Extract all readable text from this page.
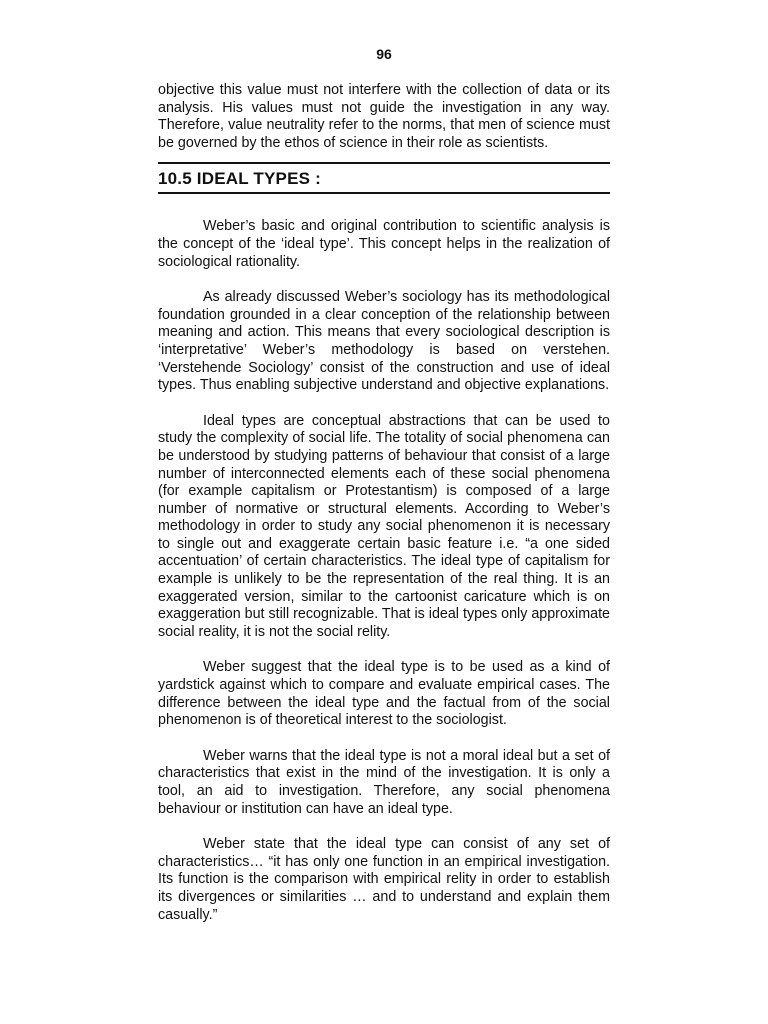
96

objective this value must not interfere with the collection of data or its analysis. His values must not guide the investigation in any way. Therefore, value neutrality refer to the norms, that men of science must be governed by the ethos of science in their role as scientists.

10.5 IDEAL TYPES :

Weber’s basic and original contribution to scientific analysis is the concept of the ‘ideal type’. This concept helps in the realization of sociological rationality.

As already discussed Weber’s sociology has its methodological foundation grounded in a clear conception of the relationship between meaning and action. This means that every sociological description is ‘interpretative’ Weber’s methodology is based on verstehen. ‘Verstehende Sociology’ consist of the construction and use of ideal types. Thus enabling subjective understand and objective explanations.

Ideal types are conceptual abstractions that can be used to study the complexity of social life. The totality of social phenomena can be understood by studying patterns of behaviour that consist of a large number of interconnected elements each of these social phenomena (for example capitalism or Protestantism) is composed of a large number of normative or structural elements. According to Weber’s methodology in order to study any social phenomenon it is necessary to single out and exaggerate certain basic feature i.e. “a one sided accentuation’ of certain characteristics. The ideal type of capitalism for example is unlikely to be the representation of the real thing. It is an exaggerated version, similar to the cartoonist caricature which is on exaggeration but still recognizable. That is ideal types only approximate social reality, it is not the social relity.

Weber suggest that the ideal type is to be used as a kind of yardstick against which to compare and evaluate empirical cases. The difference between the ideal type and the factual from of the social phenomenon is of theoretical interest to the sociologist.

Weber warns that the ideal type is not a moral ideal but a set of characteristics that exist in the mind of the investigation. It is only a tool, an aid to investigation. Therefore, any social phenomena behaviour or institution can have an ideal type.

Weber state that the ideal type can consist of any set of characteristics… “it has only one function in an empirical investigation. Its function is the comparison with empirical relity in order to establish its divergences or similarities … and to understand and explain them casually.”
